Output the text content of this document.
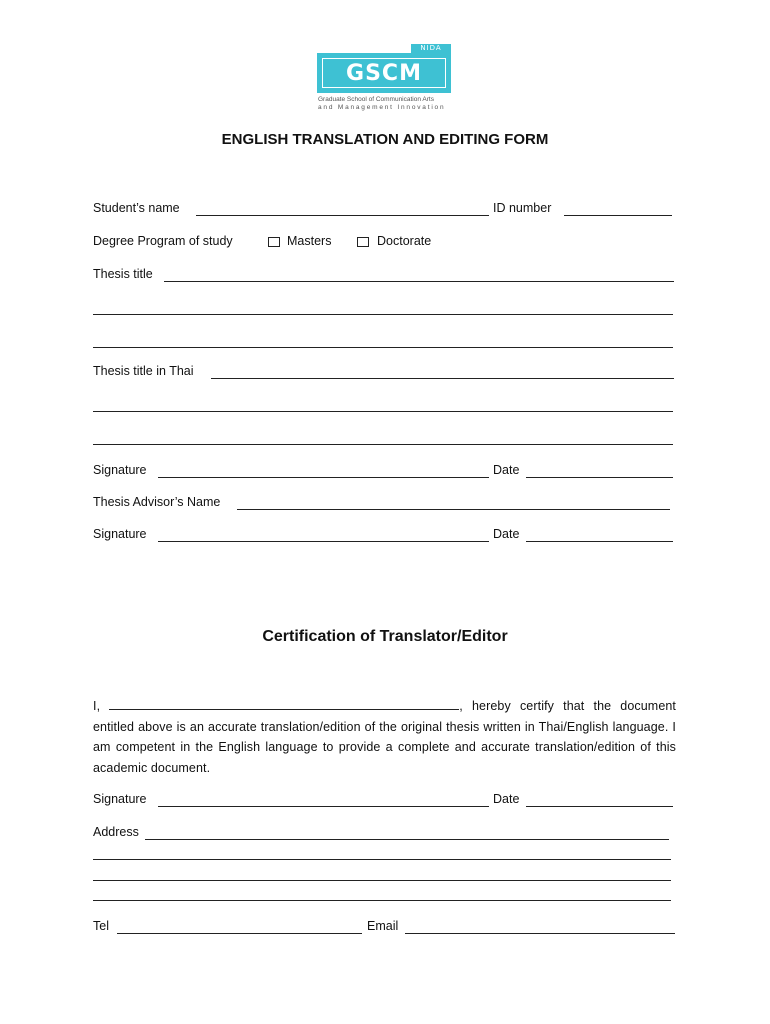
NIDA
GSCM
Graduate School of Communication Arts
and Management Innovation
ENGLISH TRANSLATION AND EDITING FORM
Student’s name	ID number
Degree Program of study	Masters	Doctorate
Thesis title
Thesis title in Thai
Signature	Date
Thesis Advisor’s Name
Signature	Date
Certification of Translator/Editor
I,	, hereby certify that the document entitled above is an accurate translation/edition of the original thesis written in Thai/English language. I am competent in the English language to provide a complete and accurate translation/edition of this academic document.
Signature	Date
Address
Tel	Email
